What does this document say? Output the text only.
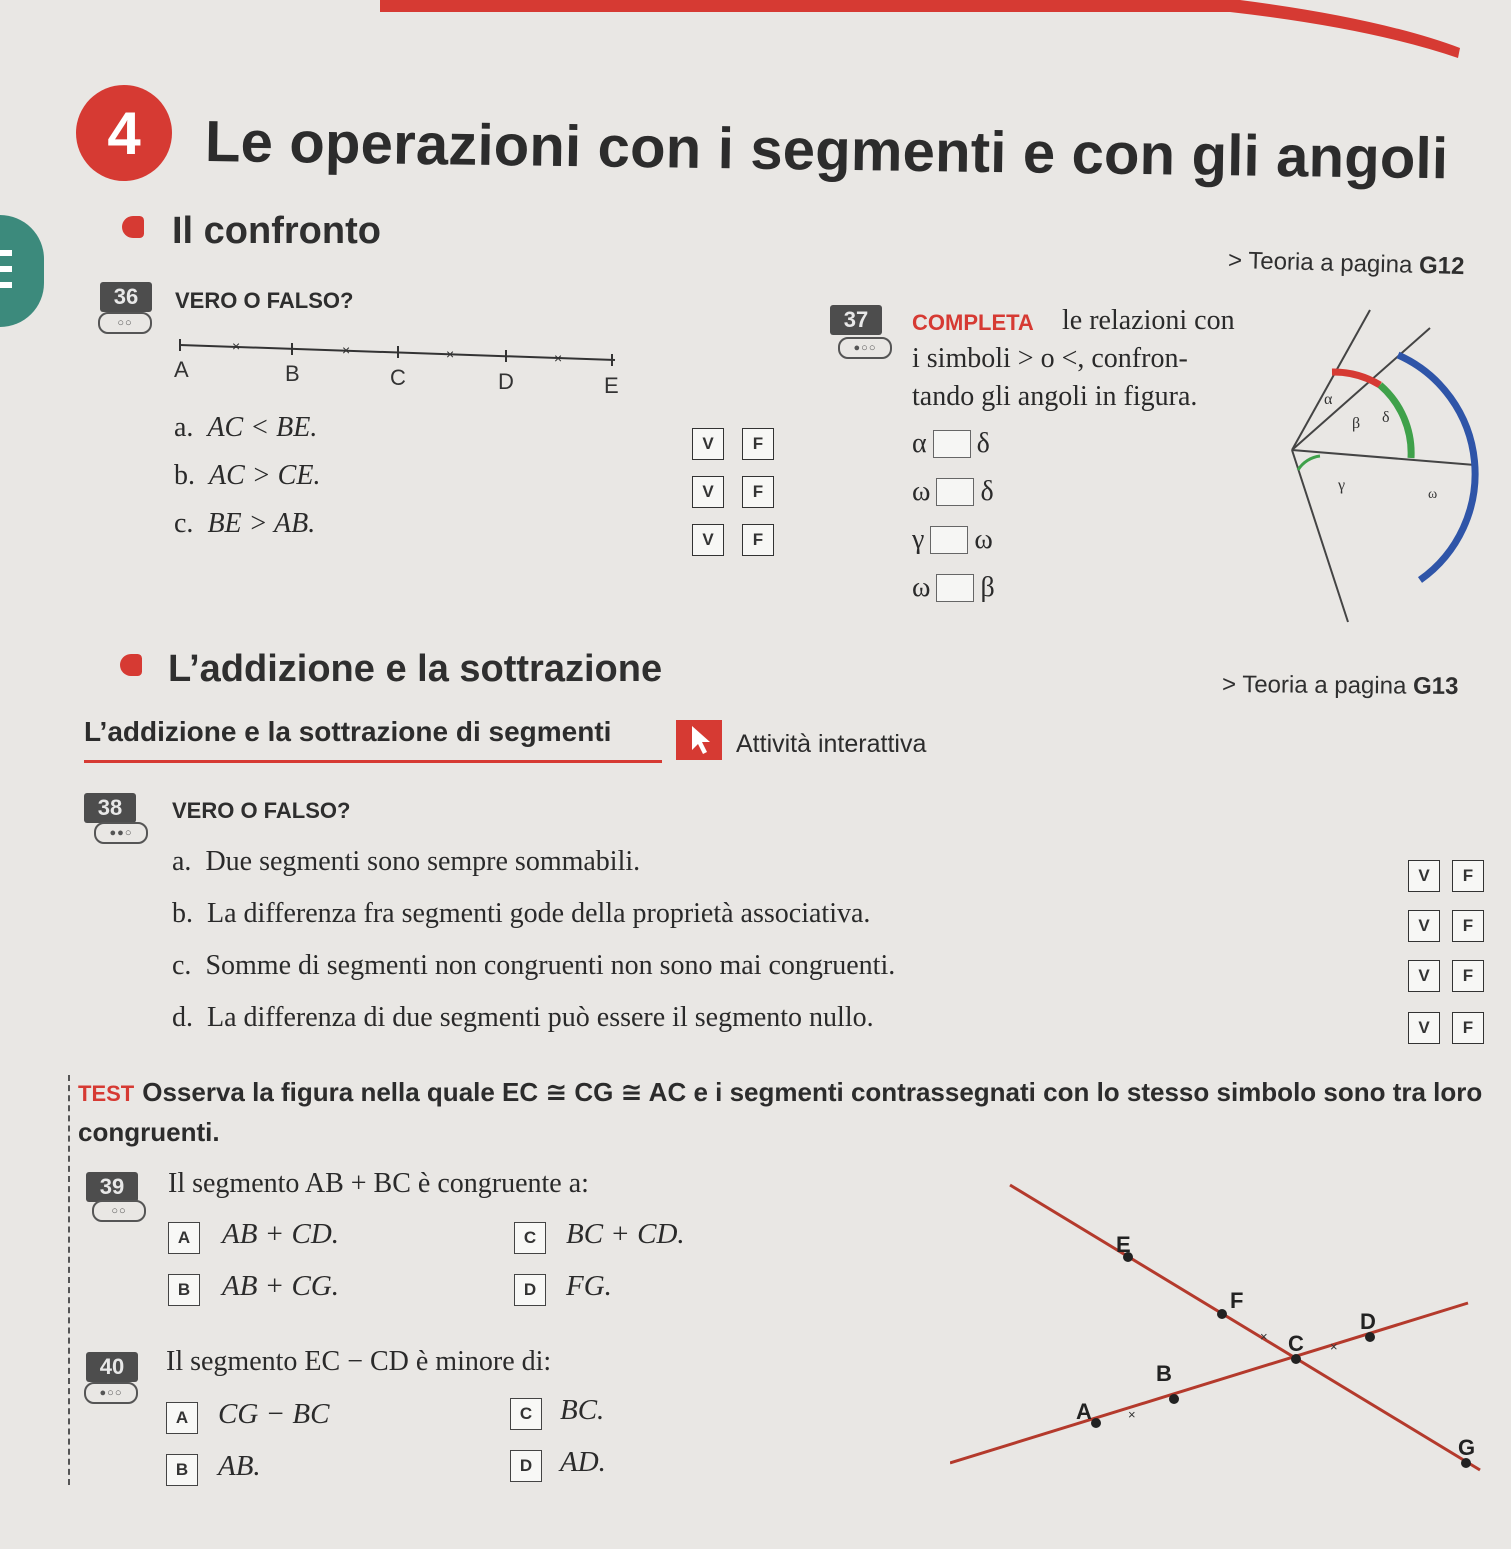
4	Le operazioni con i segmenti e con gli angoli
Il confronto
> Teoria a pagina G12
36
○○
VERO O FALSO?
×	×	×	×
A	B	C	D	E
a. AC < BE.
b. AC > CE.
c. BE > AB.
V	F
V	F
V	F
37
●○○
COMPLETA le relazioni con
i simboli > o <, confron-
tando gli angoli in figura.
α δ
ω δ
γ ω
ω β
α
β δ
γ
ω
L’addizione e la sottrazione	> Teoria a pagina G13
L’addizione e la sottrazione di segmenti	Attività interattiva
38
●●○
VERO O FALSO?
a. Due segmenti sono sempre sommabili.
b. La differenza fra segmenti gode della proprietà associativa.
c. Somme di segmenti non congruenti non sono mai congruenti.
d. La differenza di due segmenti può essere il segmento nullo.
V	F
V	F
V	F
V	F
TEST Osserva la figura nella quale EC ≅ CG ≅ AC e i segmenti contrassegnati con lo stesso simbolo sono tra loro congruenti.
39
○○
Il segmento AB + BC è congruente a:
A	AB + CD.
B	AB + CG.
C	BC + CD.
D	FG.
40
●○○
Il segmento EC − CD è minore di:
A	CG − BC
B	AB.
C BC.
D AD.
×
×
×
E
F
D
C
B
A
G
